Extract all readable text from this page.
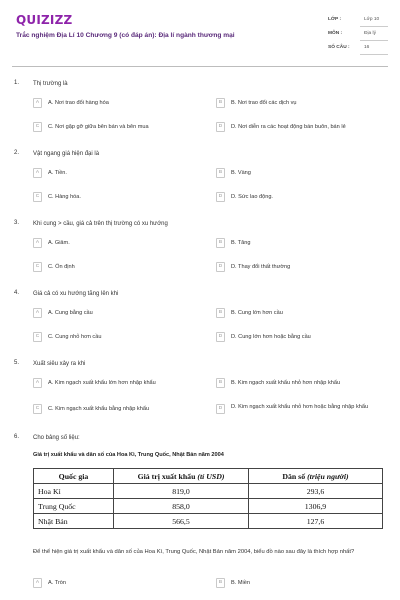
QUIZIZZ
Trắc nghiệm Địa Lí 10 Chương 9 (có đáp án): Địa lí ngành thương mại
LỚP :	Lớp 10
MÔN :	Địa lý
SỐ CÂU :	16
1. Thị trường là
A	A. Nơi trao đổi hàng hóa	B	B. Nơi trao đổi các dịch vụ
C	C. Nơi gặp gỡ giữa bên bán và bên mua	D	D. Nơi diễn ra các hoạt động bán buôn, bán lẻ
2. Vật ngang giá hiện đại là
A	A. Tiền.	B	B. Vàng
C	C. Hàng hóa.	D	D. Sức lao động.
3. Khi cung > cầu, giá cả trên thị trường có xu hướng
A	A. Giảm.	B	B. Tăng
C	C. Ổn định	D	D. Thay đổi thất thường
4. Giá cả có xu hướng tăng lên khi
A	A. Cung bằng cầu	B	B. Cung lớn hơn cầu
C	C. Cung nhỏ hơn cầu	D	D. Cung lớn hơn hoặc bằng cầu
5. Xuất siêu xảy ra khi
A	A. Kim ngạch xuất khẩu lớn hơn nhập khẩu	B	B. Kim ngạch xuất khẩu nhỏ hơn nhập khẩu
C	C. Kim ngạch xuất khẩu bằng nhập khẩu	D	D. Kim ngạch xuất khẩu nhỏ hơn hoặc bằng nhập khẩu
6. Cho bảng số liệu:
Giá trị xuất khẩu và dân số của Hoa Kì, Trung Quốc, Nhật Bản năm 2004
Quốc gia	Giá trị xuất khẩu (tỉ USD)	Dân số (triệu người)
Hoa Kì	819,0	293,6
Trung Quốc	858,0	1306,9
Nhật Bản	566,5	127,6
Để thể hiện giá trị xuất khẩu và dân số của Hoa Kì, Trung Quốc, Nhật Bản năm 2004, biểu đồ nào sau đây là thích hợp nhất?
A	A. Tròn	B	B. Miền
